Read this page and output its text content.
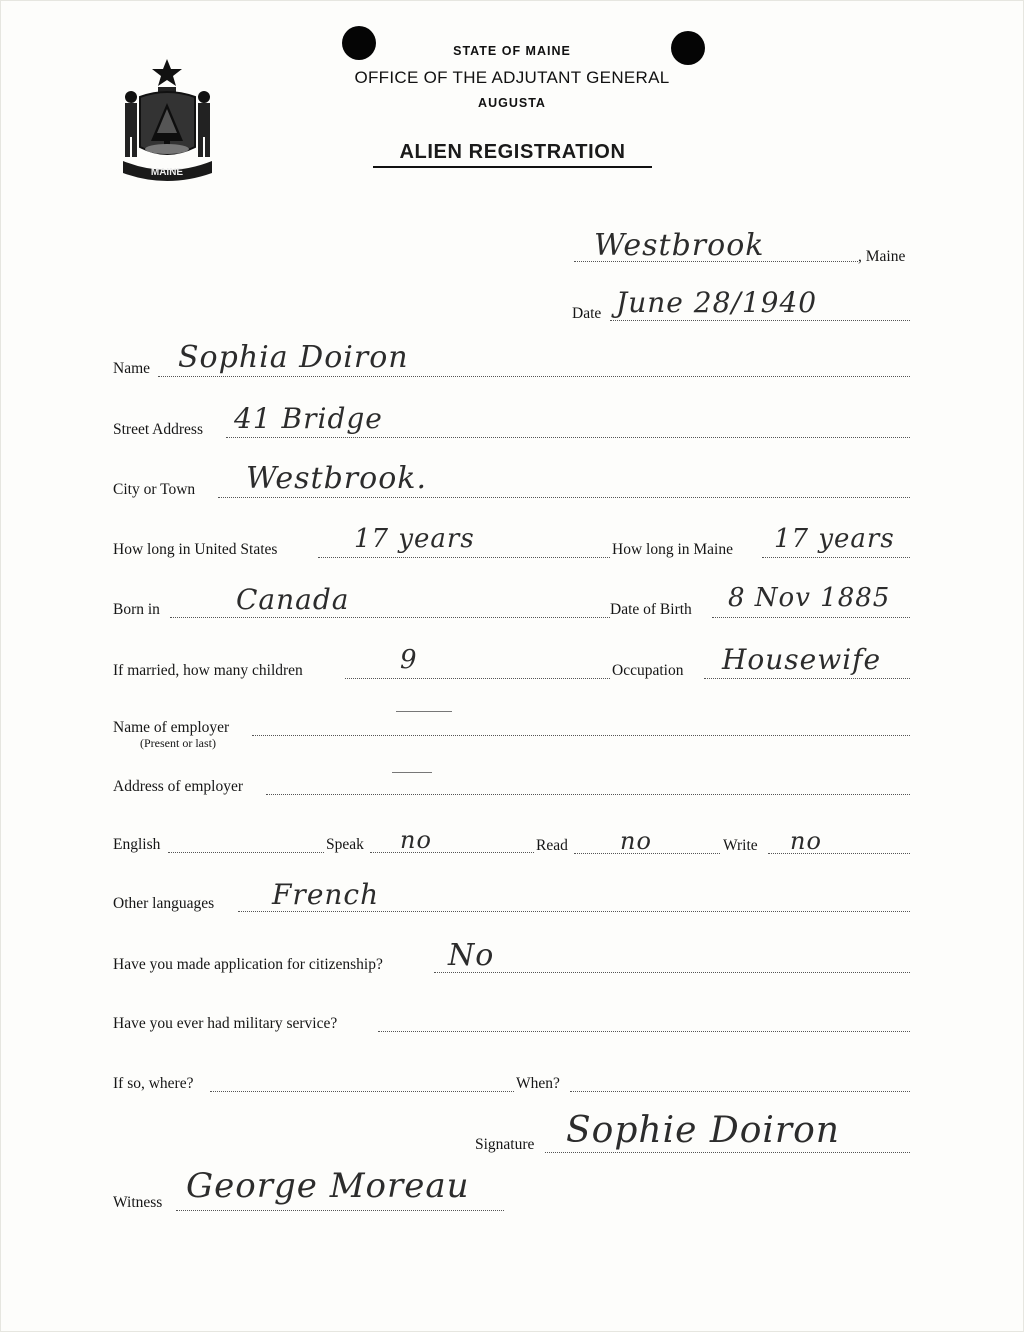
MAINE
STATE OF MAINE
OFFICE OF THE ADJUTANT GENERAL
AUGUSTA
ALIEN REGISTRATION
Westbrook	, Maine
Date June 28/1940
Name Sophia Doiron
Street Address 41 Bridge
City or Town Westbrook.
How long in United States	17 years	How long in Maine 17 years
Born in	Canada	Date of Birth 8 Nov 1885
If married, how many children	9	Occupation Housewife
Name of employer
(Present or last)
Address of employer
English	Speak no	Read no	Write no
Other languages French
Have you made application for citizenship? No
Have you ever had military service?
If so, where?	When?
Signature Sophie Doiron
Witness George Moreau
